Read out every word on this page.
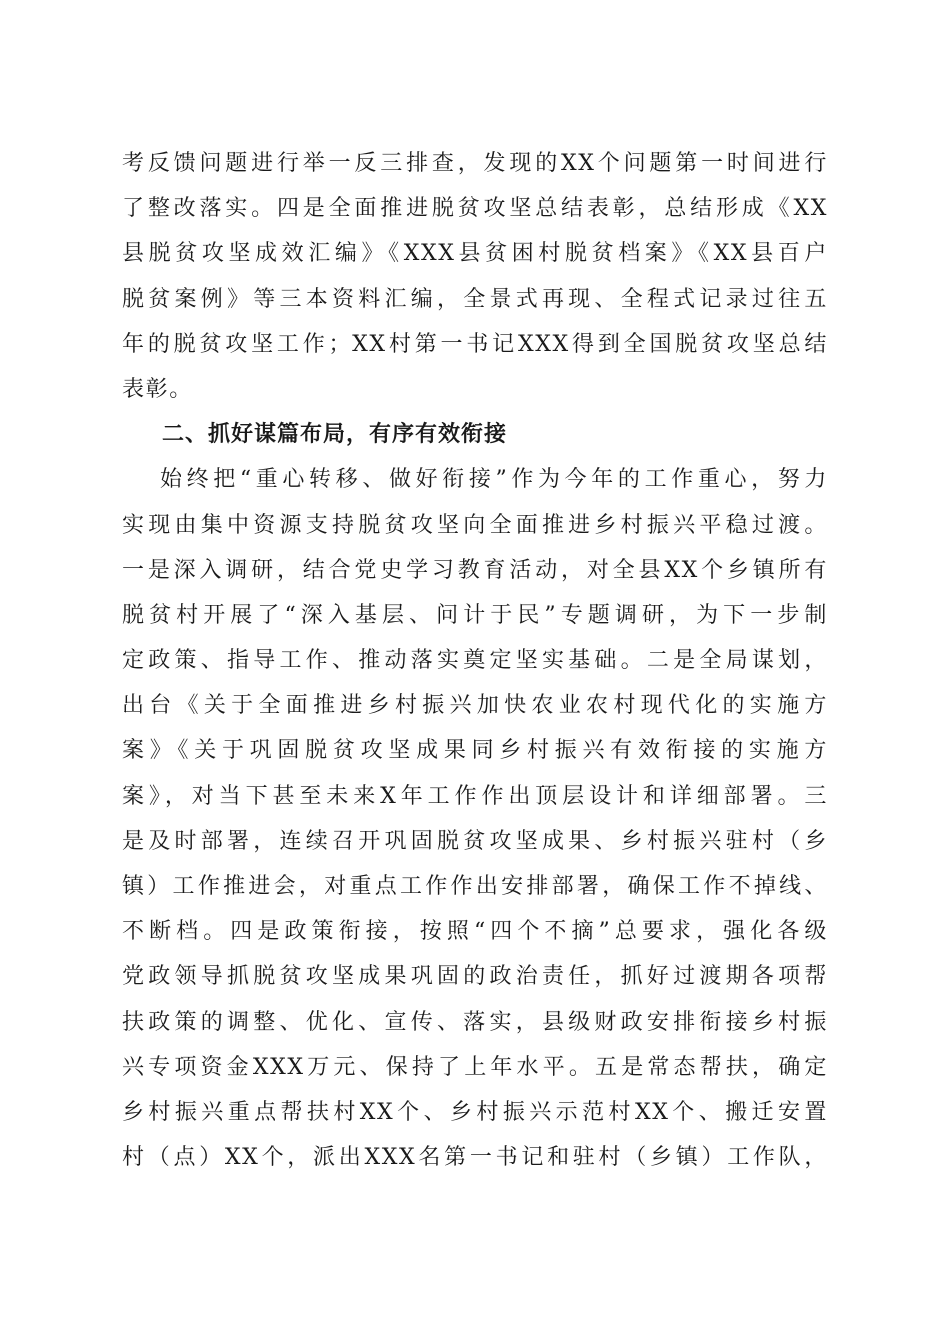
考反馈问题进行举一反三排查，发现的XX个问题第一时间进行
了整改落实。四是全面推进脱贫攻坚总结表彰，总结形成《XX
县脱贫攻坚成效汇编》《XXX县贫困村脱贫档案》《XX县百户
脱贫案例》等三本资料汇编，全景式再现、全程式记录过往五
年的脱贫攻坚工作；XX村第一书记XXX得到全国脱贫攻坚总结
表彰。
二、抓好谋篇布局，有序有效衔接
始终把“重心转移、做好衔接”作为今年的工作重心，努力
实现由集中资源支持脱贫攻坚向全面推进乡村振兴平稳过渡。
一是深入调研，结合党史学习教育活动，对全县XX个乡镇所有
脱贫村开展了“深入基层、问计于民”专题调研，为下一步制
定政策、指导工作、推动落实奠定坚实基础。二是全局谋划，
出台《关于全面推进乡村振兴加快农业农村现代化的实施方
案》《关于巩固脱贫攻坚成果同乡村振兴有效衔接的实施方
案》，对当下甚至未来X年工作作出顶层设计和详细部署。三
是及时部署，连续召开巩固脱贫攻坚成果、乡村振兴驻村（乡
镇）工作推进会，对重点工作作出安排部署，确保工作不掉线、
不断档。四是政策衔接，按照“四个不摘”总要求，强化各级
党政领导抓脱贫攻坚成果巩固的政治责任，抓好过渡期各项帮
扶政策的调整、优化、宣传、落实，县级财政安排衔接乡村振
兴专项资金XXX万元、保持了上年水平。五是常态帮扶，确定
乡村振兴重点帮扶村XX个、乡村振兴示范村XX个、搬迁安置
村（点）XX个，派出XXX名第一书记和驻村（乡镇）工作队，
